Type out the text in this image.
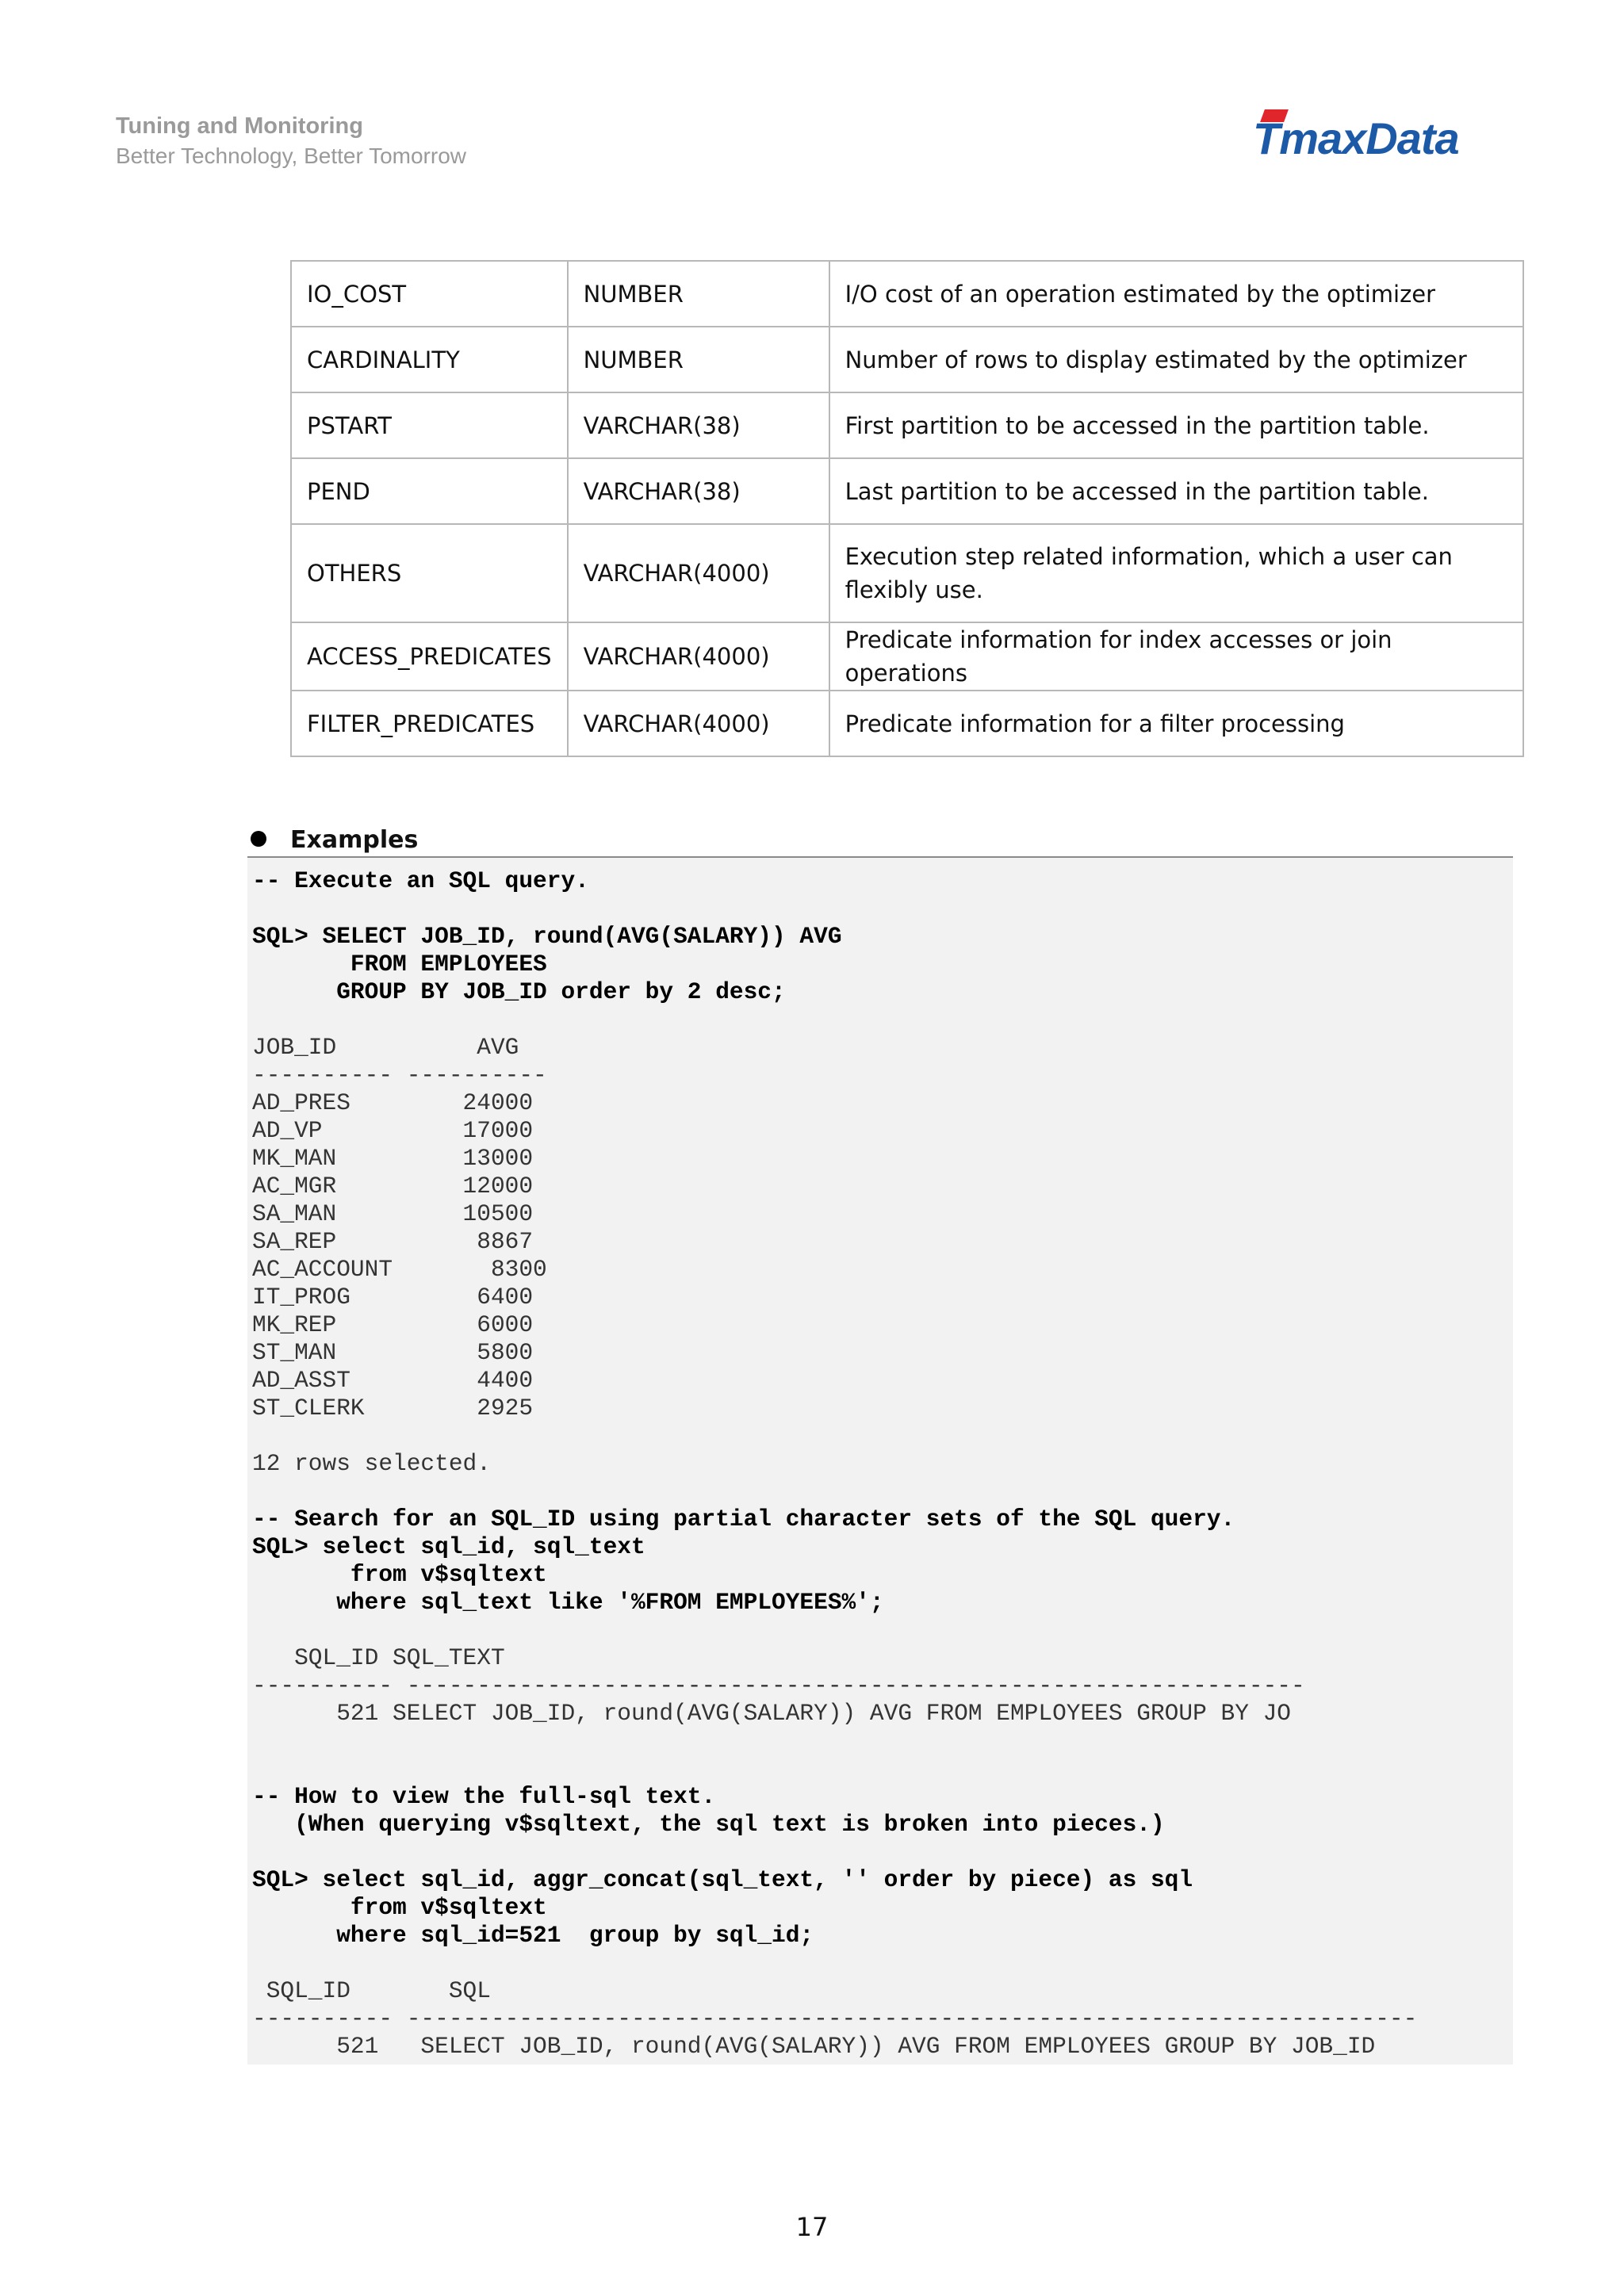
Tuning and Monitoring
Better Technology, Better Tomorrow	TmaxData
IO_COST	NUMBER	I/O cost of an operation estimated by the optimizer
CARDINALITY	NUMBER	Number of rows to display estimated by the optimizer
PSTART	VARCHAR(38)	First partition to be accessed in the partition table.
PEND	VARCHAR(38)	Last partition to be accessed in the partition table.
OTHERS	VARCHAR(4000)	Execution step related information, which a user can flexibly use.
ACCESS_PREDICATES	VARCHAR(4000)	Predicate information for index accesses or join operations
FILTER_PREDICATES	VARCHAR(4000)	Predicate information for a filter processing
Examples
-- Execute an SQL query.

SQL> SELECT JOB_ID, round(AVG(SALARY)) AVG
FROM EMPLOYEES
GROUP BY JOB_ID order by 2 desc;

JOB_ID          AVG
---------- ----------
AD_PRES        24000
AD_VP          17000
MK_MAN         13000
AC_MGR         12000
SA_MAN         10500
SA_REP          8867
AC_ACCOUNT       8300
IT_PROG         6400
MK_REP          6000
ST_MAN          5800
AD_ASST         4400
ST_CLERK        2925

12 rows selected.

-- Search for an SQL_ID using partial character sets of the SQL query.
SQL> select sql_id, sql_text
from v$sqltext
where sql_text like '%FROM EMPLOYEES%';

SQL_ID SQL_TEXT
---------- ----------------------------------------------------------------
521 SELECT JOB_ID, round(AVG(SALARY)) AVG FROM EMPLOYEES GROUP BY JO

-- How to view the full-sql text.
(When querying v$sqltext, the sql text is broken into pieces.)

SQL> select sql_id, aggr_concat(sql_text, '' order by piece) as sql
from v$sqltext
where sql_id=521  group by sql_id;

SQL_ID       SQL
---------- ------------------------------------------------------------------------
521   SELECT JOB_ID, round(AVG(SALARY)) AVG FROM EMPLOYEES GROUP BY JOB_ID

17
